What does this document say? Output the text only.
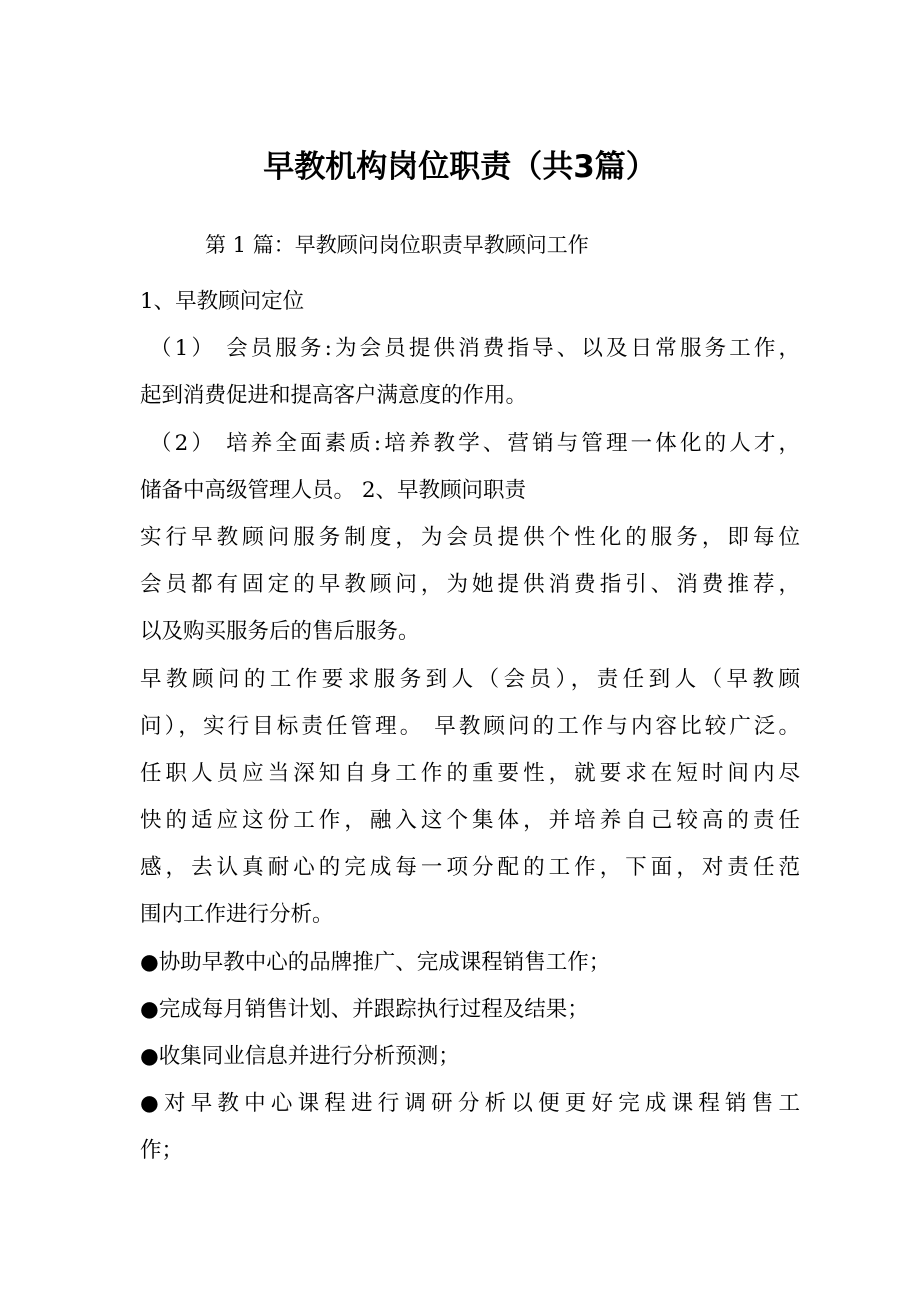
早教机构岗位职责（共3篇）

第 1 篇：早教顾问岗位职责早教顾问工作

1、早教顾问定位
（1） 会员服务:为会员提供消费指导、以及日常服务工作，
起到消费促进和提高客户满意度的作用。
（2） 培养全面素质:培养教学、营销与管理一体化的人才，
储备中高级管理人员。 2、早教顾问职责
实行早教顾问服务制度，为会员提供个性化的服务，即每位
会员都有固定的早教顾问，为她提供消费指引、消费推荐，
以及购买服务后的售后服务。
早教顾问的工作要求服务到人（会员），责任到人（早教顾
问），实行目标责任管理。 早教顾问的工作与内容比较广泛。
任职人员应当深知自身工作的重要性，就要求在短时间内尽
快的适应这份工作，融入这个集体，并培养自己较高的责任
感，去认真耐心的完成每一项分配的工作，下面，对责任范
围内工作进行分析。
●协助早教中心的品牌推广、完成课程销售工作；
●完成每月销售计划、并跟踪执行过程及结果；
●收集同业信息并进行分析预测；
●对早教中心课程进行调研分析以便更好完成课程销售工
作；
